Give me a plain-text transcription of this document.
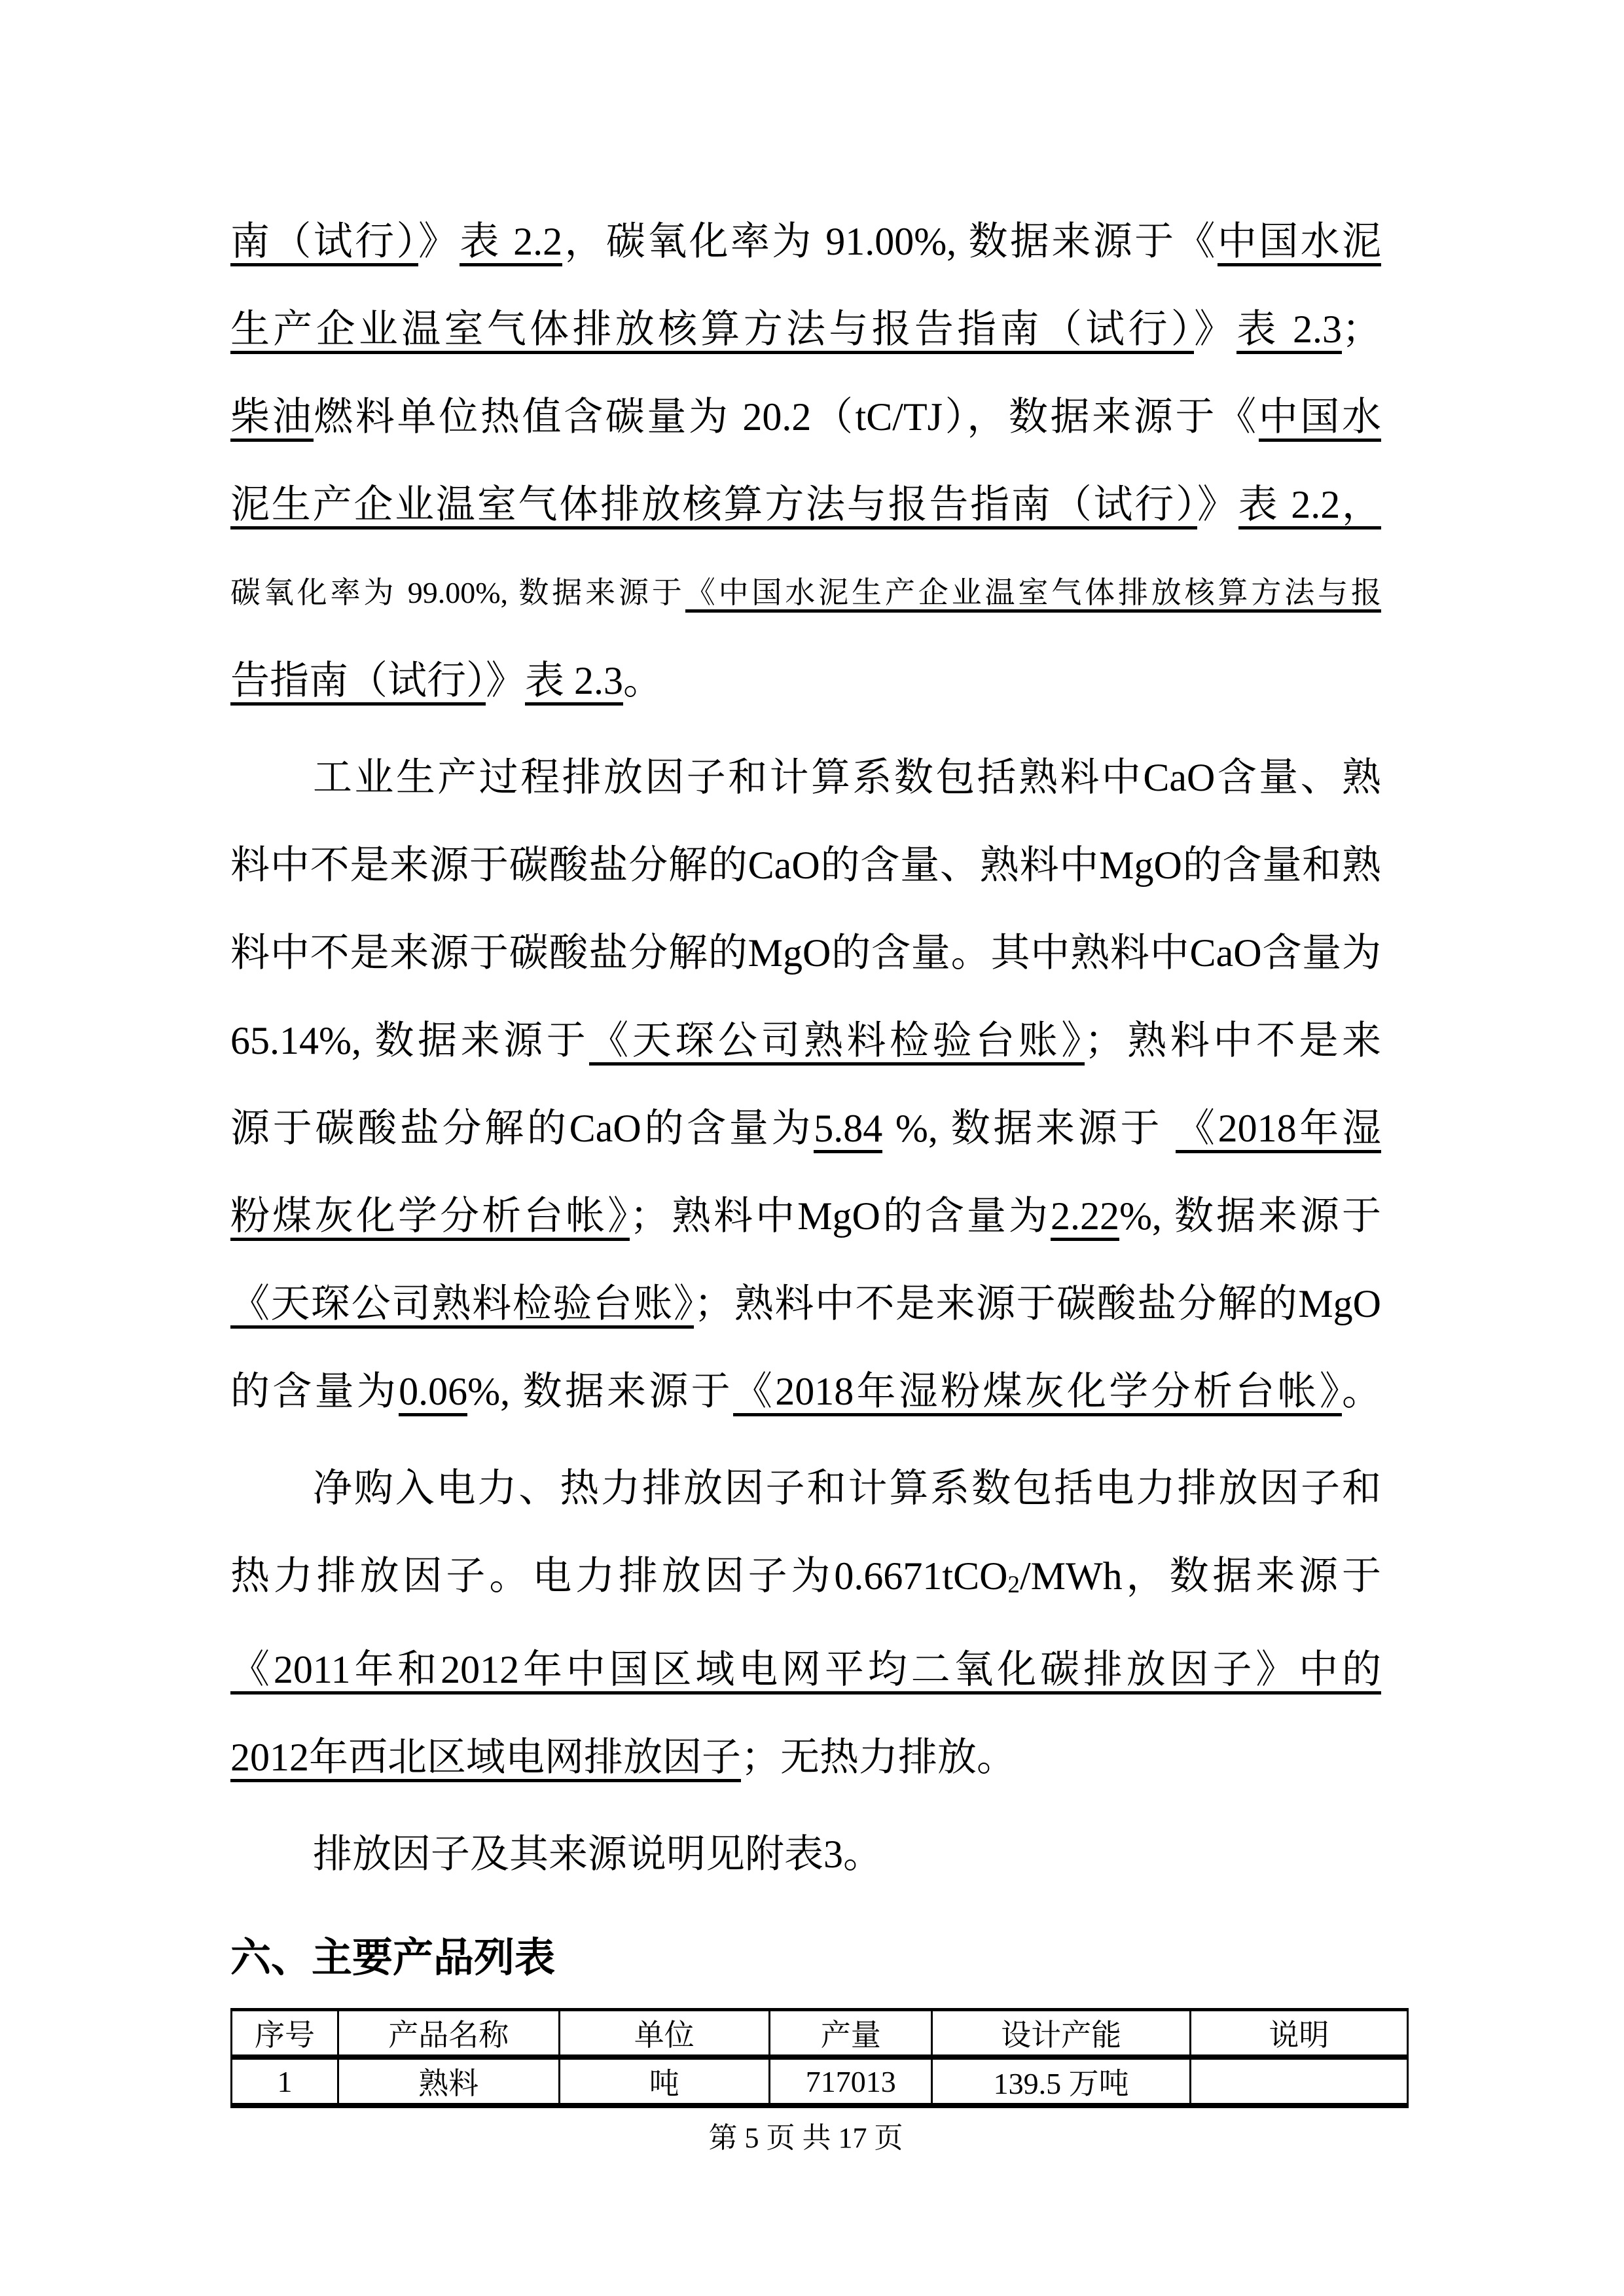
南（试行）》表 2.2，碳氧化率为 91.00%, 数据来源于《中国水泥
生产企业温室气体排放核算方法与报告指南（试行）》表 2.3；
柴油燃料单位热值含碳量为 20.2（tC/TJ），数据来源于《中国水
泥生产企业温室气体排放核算方法与报告指南（试行）》表 2.2，
碳氧化率为 99.00%, 数据来源于《中国水泥生产企业温室气体排放核算方法与报
告指南（试行）》表 2.3。
工业生产过程排放因子和计算系数包括熟料中CaO含量、熟
料中不是来源于碳酸盐分解的CaO的含量、熟料中MgO的含量和熟
料中不是来源于碳酸盐分解的MgO的含量。其中熟料中CaO含量为
65.14%, 数据来源于《天琛公司熟料检验台账》；熟料中不是来
源于碳酸盐分解的CaO的含量为5.84 %, 数据来源于 《2018年湿
粉煤灰化学分析台帐》；熟料中MgO的含量为2.22%, 数据来源于
《天琛公司熟料检验台账》；熟料中不是来源于碳酸盐分解的MgO
的含量为0.06%, 数据来源于《2018年湿粉煤灰化学分析台帐》。
净购入电力、热力排放因子和计算系数包括电力排放因子和
热力排放因子。电力排放因子为0.6671tCO$_2$/MWh，数据来源于
《2011年和2012年中国区域电网平均二氧化碳排放因子》中的
2012年西北区域电网排放因子；无热力排放。
排放因子及其来源说明见附表3。
六、主要产品列表
序号	产品名称	单位	产量	设计产能	说明
1	熟料	吨	717013	139.5 万吨	
第 5 页 共 17 页
